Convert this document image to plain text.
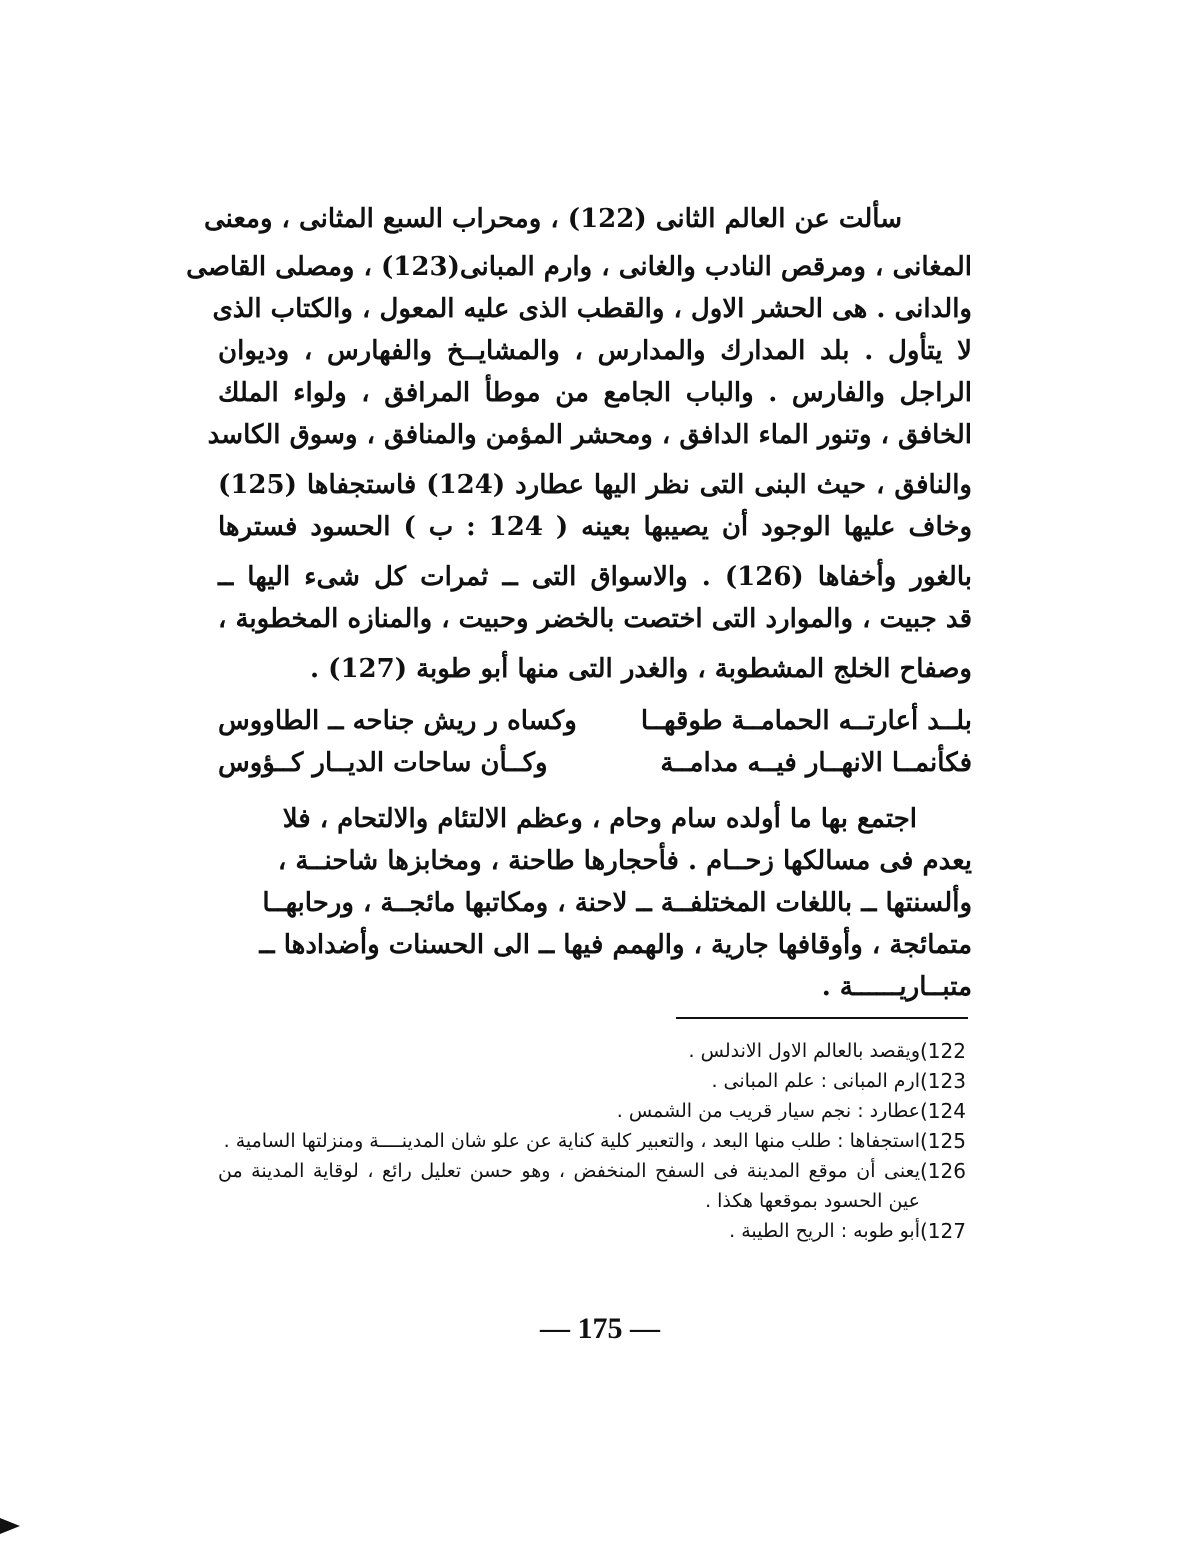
سألت عن العالم الثانى (122) ، ومحراب السبع المثانى ، ومعنى
المغانى ، ومرقص النادب والغانى ، وارم المبانى(123) ، ومصلى القاصى
والدانى . هى الحشر الاول ، والقطب الذى عليه المعول ، والكتاب الذى
لا يتأول . بلد المدارك والمدارس ، والمشايــخ والفهارس ، وديوان
الراجل والفارس . والباب الجامع من موطأ المرافق ، ولواء الملك
الخافق ، وتنور الماء الدافق ، ومحشر المؤمن والمنافق ، وسوق الكاسد
والنافق ، حيث البنى التى نظر اليها عطارد (124) فاستجفاها (125)
وخاف عليها الوجود أن يصيبها بعينه ( 124 : ب ) الحسود فسترها
بالغور وأخفاها (126) . والاسواق التى ــ ثمرات كل شىء اليها ــ
قد جبيت ، والموارد التى اختصت بالخضر وحبيت ، والمنازه المخطوبة ،
وصفاح الخلج المشطوبة ، والغدر التى منها أبو طوبة (127) .
بلــد أعارتــه الحمامــة طوقهــا
وكساه ر ريش جناحه ــ الطاووس
فكأنمــا الانهــار فيــه مدامــة
وكــأن ساحات الديــار كــؤوس
اجتمع بها ما أولده سام وحام ، وعظم الالتئام والالتحام ، فلا
يعدم فى مسالكها زحــام . فأحجارها طاحنة ، ومخابزها شاحنــة ،
وألسنتها ــ باللغات المختلفــة ــ لاحنة ، ومكاتبها مائجــة ، ورحابهــا
متمائجة ، وأوقافها جارية ، والهمم فيها ــ الى الحسنات وأضدادها ــ
متبــاريــــــة .
(122
ويقصد بالعالم الاول الاندلس .
(123
ارم المبانى : علم المبانى .
(124
عطارد : نجم سيار قريب من الشمس .
(125
استجفاها : طلب منها البعد ، والتعبير كلية كناية عن علو شان المدينــــة ومنزلتها السامية .
(126
يعنى أن موقع المدينة فى السفح المنخفض ، وهو حسن تعليل رائع ، لوقاية المدينة من عين الحسود بموقعها هكذا .
(127
أبو طوبه : الريح الطيبة .
— 175 —
